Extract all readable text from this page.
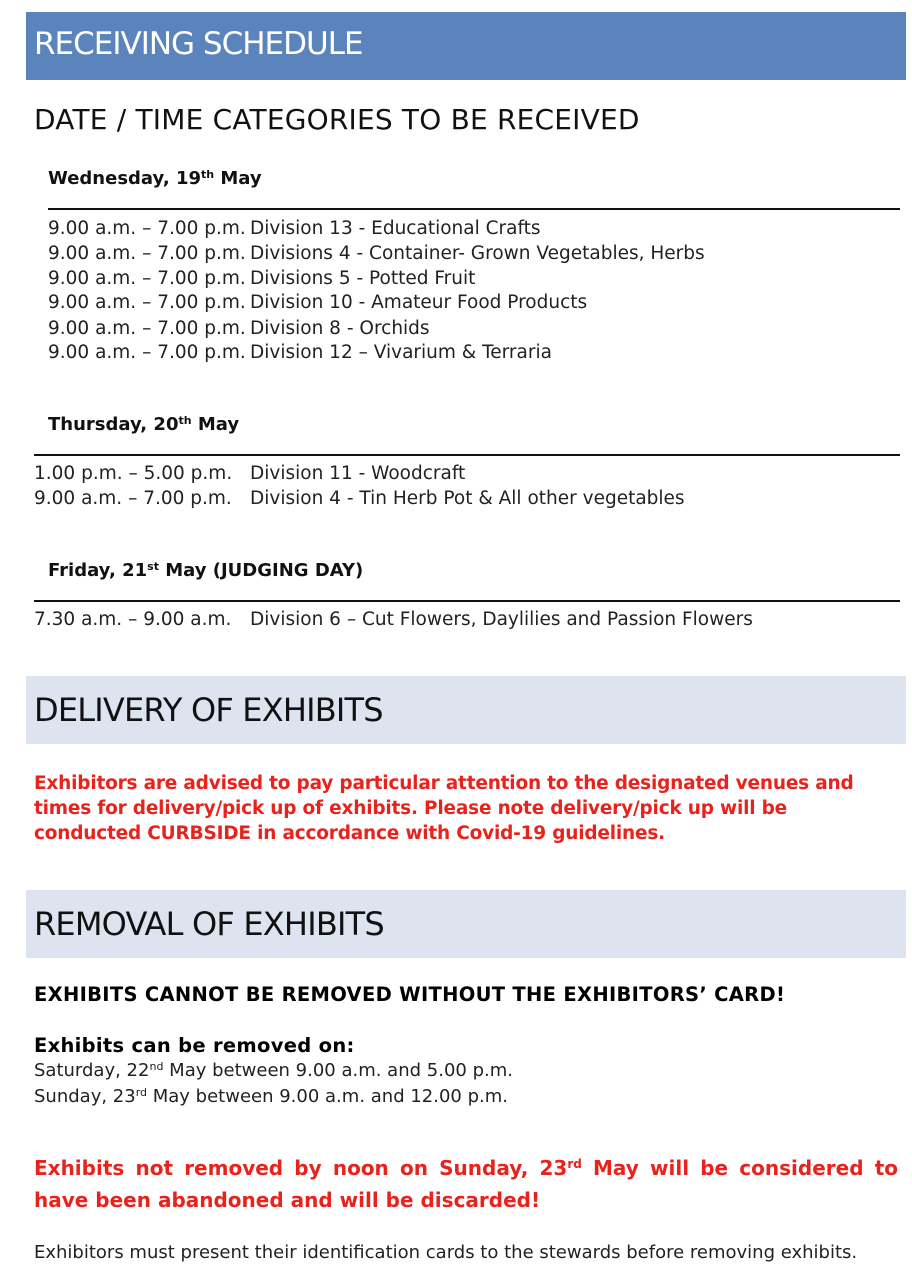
RECEIVING SCHEDULE
DATE / TIME CATEGORIES TO BE RECEIVED
Wednesday, 19th May
9.00 a.m. – 7.00 p.m. Division 13 - Educational Crafts
9.00 a.m. – 7.00 p.m. Divisions 4 - Container- Grown Vegetables, Herbs
9.00 a.m. – 7.00 p.m. Divisions 5 - Potted Fruit
9.00 a.m. – 7.00 p.m. Division 10 - Amateur Food Products
9.00 a.m. – 7.00 p.m. Division 8 - Orchids
9.00 a.m. – 7.00 p.m. Division 12 – Vivarium & Terraria
Thursday, 20th May
1.00 p.m. – 5.00 p.m. Division 11 - Woodcraft
9.00 a.m. – 7.00 p.m. Division 4 - Tin Herb Pot & All other vegetables
Friday, 21st May (JUDGING DAY)
7.30 a.m. – 9.00 a.m. Division 6 – Cut Flowers, Daylilies and Passion Flowers
DELIVERY OF EXHIBITS
Exhibitors are advised to pay particular attention to the designated venues and times for delivery/pick up of exhibits. Please note delivery/pick up will be conducted CURBSIDE in accordance with Covid-19 guidelines.
REMOVAL OF EXHIBITS
EXHIBITS CANNOT BE REMOVED WITHOUT THE EXHIBITORS’ CARD!
Exhibits can be removed on:
Saturday, 22nd May between 9.00 a.m. and 5.00 p.m.
Sunday, 23rd May between 9.00 a.m. and 12.00 p.m.
Exhibits not removed by noon on Sunday, 23rd May will be considered to have been abandoned and will be discarded!
Exhibitors must present their identification cards to the stewards before removing exhibits.
